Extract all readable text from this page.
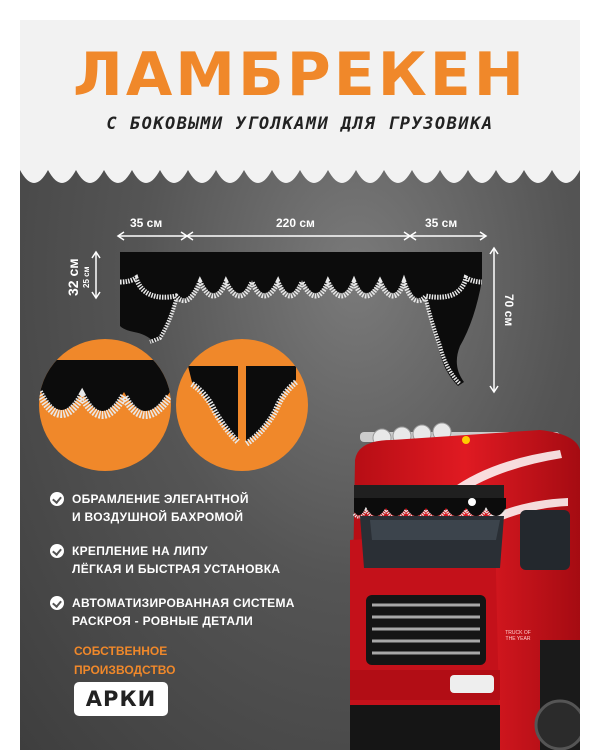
ЛАМБРЕКЕН
С БОКОВЫМИ УГОЛКАМИ ДЛЯ ГРУЗОВИКА
35 см	220 см	35 см
32 см 25 см
70 см
ОБРАМЛЕНИЕ ЭЛЕГАНТНОЙ
И ВОЗДУШНОЙ БАХРОМОЙ
КРЕПЛЕНИЕ НА ЛИПУ
ЛЁГКАЯ И БЫСТРАЯ УСТАНОВКА
АВТОМАТИЗИРОВАННАЯ СИСТЕМА
РАСКРОЯ - РОВНЫЕ ДЕТАЛИ
СОБСТВЕННОЕ
ПРОИЗВОДСТВО
АРКИ
TRUCK OF THE YEAR
